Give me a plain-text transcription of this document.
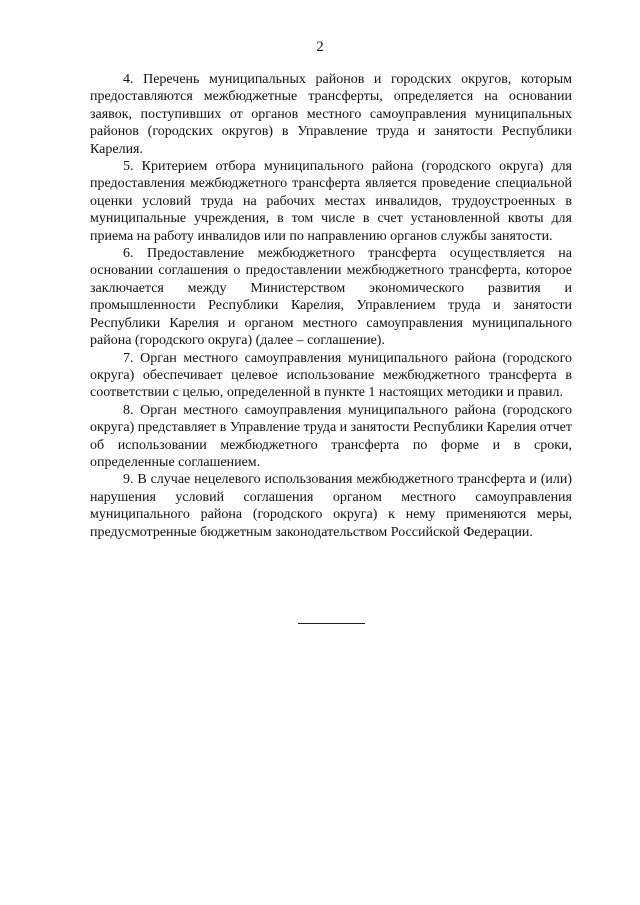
2

4. Перечень муниципальных районов и городских округов, которым предоставляются межбюджетные трансферты, определяется на основании заявок, поступивших от органов местного самоуправления муниципальных районов (городских округов) в Управление труда и занятости Республики Карелия.

5. Критерием отбора муниципального района (городского округа) для предоставления межбюджетного трансферта является проведение специальной оценки условий труда на рабочих местах инвалидов, трудоустроенных в муниципальные учреждения, в том числе в счет установленной квоты для приема на работу инвалидов или по направлению органов службы занятости.

6. Предоставление межбюджетного трансферта осуществляется на основании соглашения о предоставлении межбюджетного трансферта, которое заключается между Министерством экономического развития и промышленности Республики Карелия, Управлением труда и занятости Республики Карелия и органом местного самоуправления муниципального района (городского округа) (далее – соглашение).

7. Орган местного самоуправления муниципального района (городского округа) обеспечивает целевое использование межбюджетного трансферта в соответствии с целью, определенной в пункте 1 настоящих методики и правил.

8. Орган местного самоуправления муниципального района (городского округа) представляет в Управление труда и занятости Республики Карелия отчет об использовании межбюджетного трансферта по форме и в сроки, определенные соглашением.

9. В случае нецелевого использования межбюджетного трансферта и (или) нарушения условий соглашения органом местного самоуправления муниципального района (городского округа) к нему применяются меры, предусмотренные бюджетным законодательством Российской Федерации.
